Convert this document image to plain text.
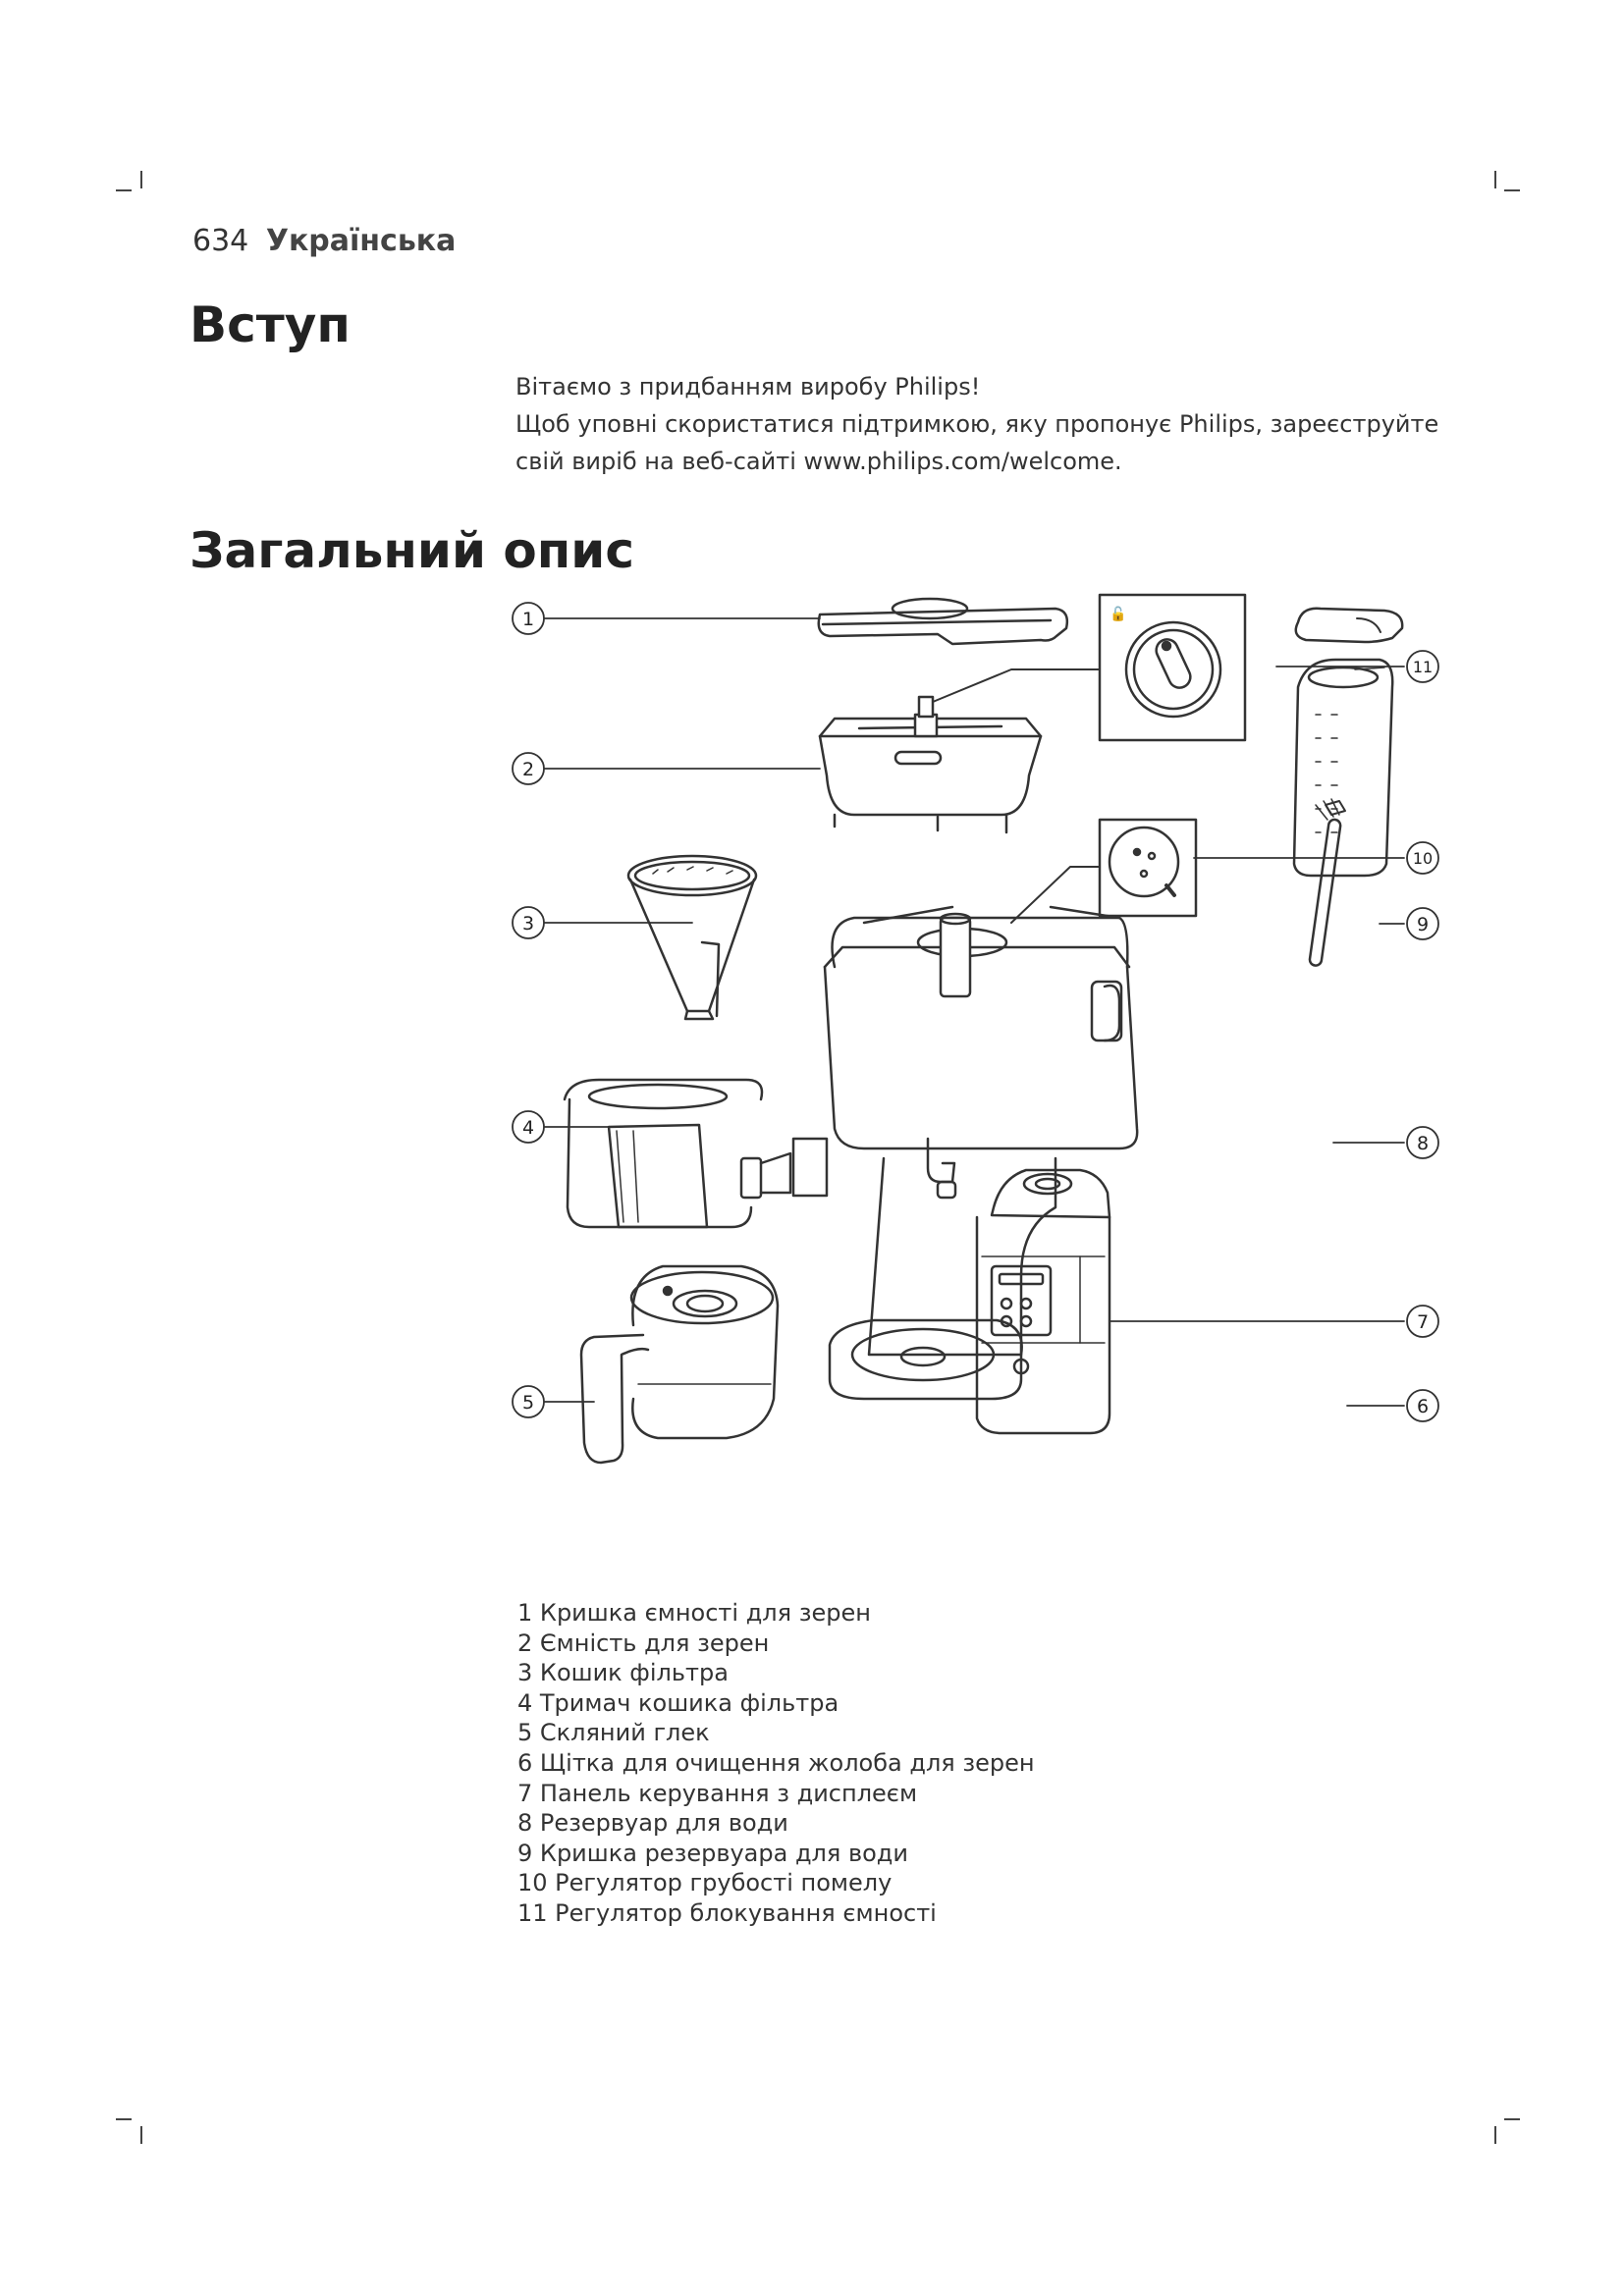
634 Українська
Вступ

Вітаємо з придбанням виробу Philips!

Щоб уповні скористатися підтримкою, яку пропонує Philips, зареєструйте

свій виріб на веб-сайті www.philips.com/welcome.

Загальний опис
🔓
1
2
3
4
5	6
7
8
9
10
11
1 Кришка ємності для зерен
2 Ємність для зерен
3 Кошик фільтра
4 Тримач кошика фільтра
5 Скляний глек
6 Щітка для очищення жолоба для зерен
7 Панель керування з дисплеєм
8 Резервуар для води
9 Кришка резервуара для води
10 Регулятор грубості помелу
11 Регулятор блокування ємності
